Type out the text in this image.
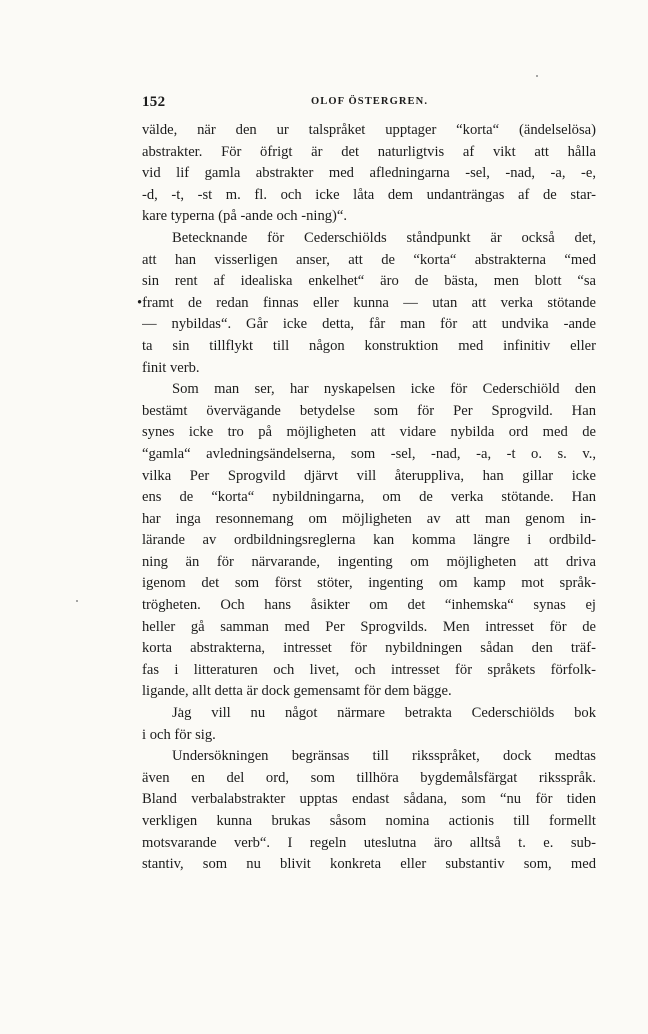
152	OLOF ÖSTERGREN.
välde, när den ur talspråket upptager “korta“ (ändelselösa)
abstrakter. För öfrigt är det naturligtvis af vikt att hålla
vid lif gamla abstrakter med afledningarna -sel, -nad, -a, -e,
-d, -t, -st m. fl. och icke låta dem undanträngas af de star-
kare typerna (på -ande och -ning)“.
Betecknande för Cederschiölds ståndpunkt är också det,
att han visserligen anser, att de “korta“ abstrakterna “med
sin rent af idealiska enkelhet“ äro de bästa, men blott “sa
•framt de redan finnas eller kunna — utan att verka stötande
— nybildas“. Går icke detta, får man för att undvika -ande
ta sin tillflykt till någon konstruktion med infinitiv eller
finit verb.
Som man ser, har nyskapelsen icke för Cederschiöld den
bestämt övervägande betydelse som för Per Sprogvild. Han
synes icke tro på möjligheten att vidare nybilda ord med de
“gamla“ avledningsändelserna, som -sel, -nad, -a, -t o. s. v.,
vilka Per Sprogvild djärvt vill återuppliva, han gillar icke
ens de “korta“ nybildningarna, om de verka stötande. Han
har inga resonnemang om möjligheten av att man genom in-
lärande av ordbildningsreglerna kan komma längre i ordbild-
ning än för närvarande, ingenting om möjligheten att driva
igenom det som först stöter, ingenting om kamp mot språk-
trögheten. Och hans åsikter om det “inhemska“ synas ej
heller gå samman med Per Sprogvilds. Men intresset för de
korta abstrakterna, intresset för nybildningen sådan den träf-
fas i litteraturen och livet, och intresset för språkets förfolk-
ligande, allt detta är dock gemensamt för dem bägge.
Jag vill nu något närmare betrakta Cederschiölds bok
i och för sig.
Undersökningen begränsas till riksspråket, dock medtas
även en del ord, som tillhöra bygdemålsfärgat riksspråk.
Bland verbalabstrakter upptas endast sådana, som “nu för tiden
verkligen kunna brukas såsom nomina actionis till formellt
motsvarande verb“. I regeln uteslutna äro alltså t. e. sub-
stantiv, som nu blivit konkreta eller substantiv som, med
